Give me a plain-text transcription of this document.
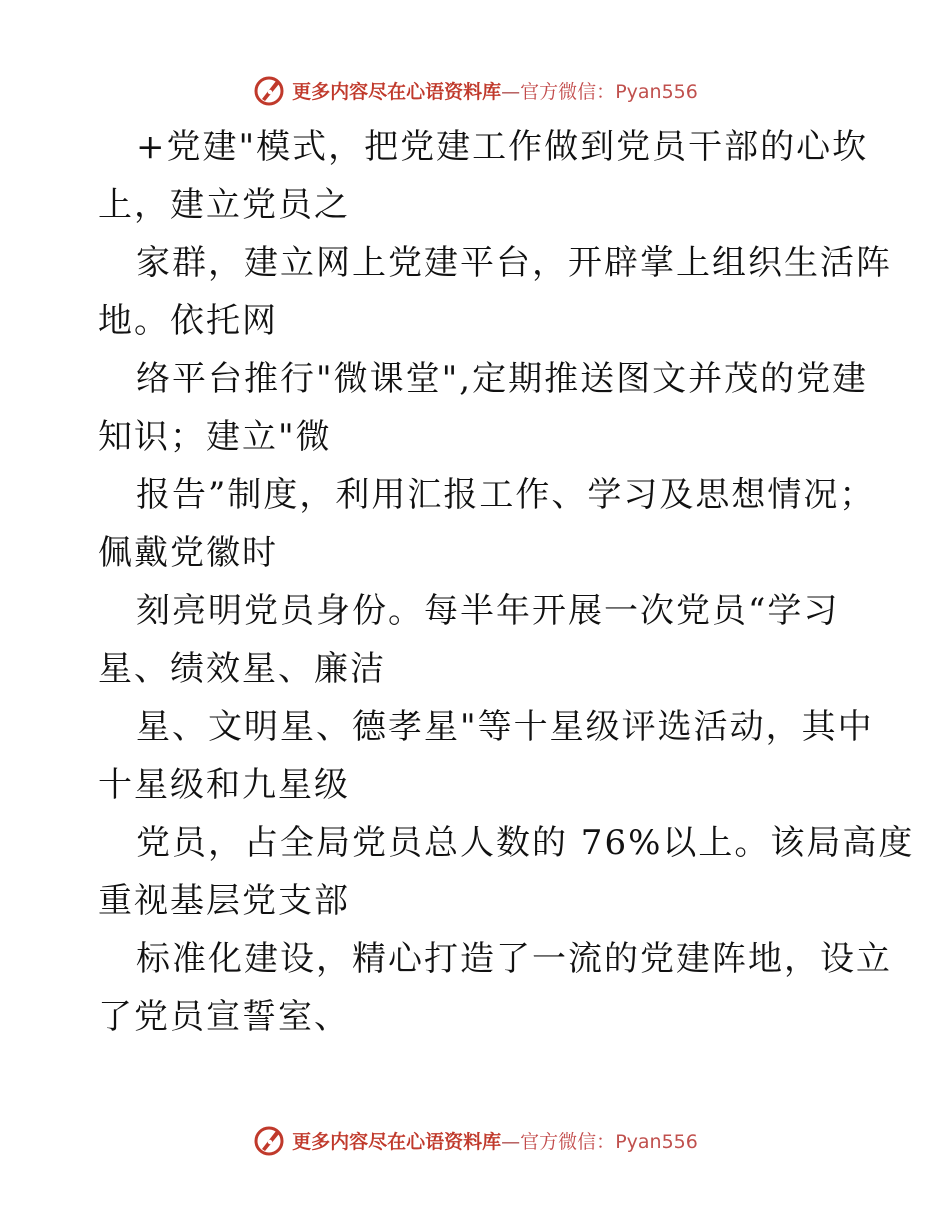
更多内容尽在心语资料库—官方微信：Pyan556
+党建"模式，把党建工作做到党员干部的心坎
上，建立党员之
家群，建立网上党建平台，开辟掌上组织生活阵
地。依托网
络平台推行"微课堂",定期推送图文并茂的党建
知识；建立"微
报告”制度，利用汇报工作、学习及思想情况；
佩戴党徽时
刻亮明党员身份。每半年开展一次党员“学习
星、绩效星、廉洁
星、文明星、德孝星"等十星级评选活动，其中
十星级和九星级
党员，占全局党员总人数的 76%以上。该局高度
重视基层党支部
标准化建设，精心打造了一流的党建阵地，设立
了党员宣誓室、
更多内容尽在心语资料库—官方微信：Pyan556
